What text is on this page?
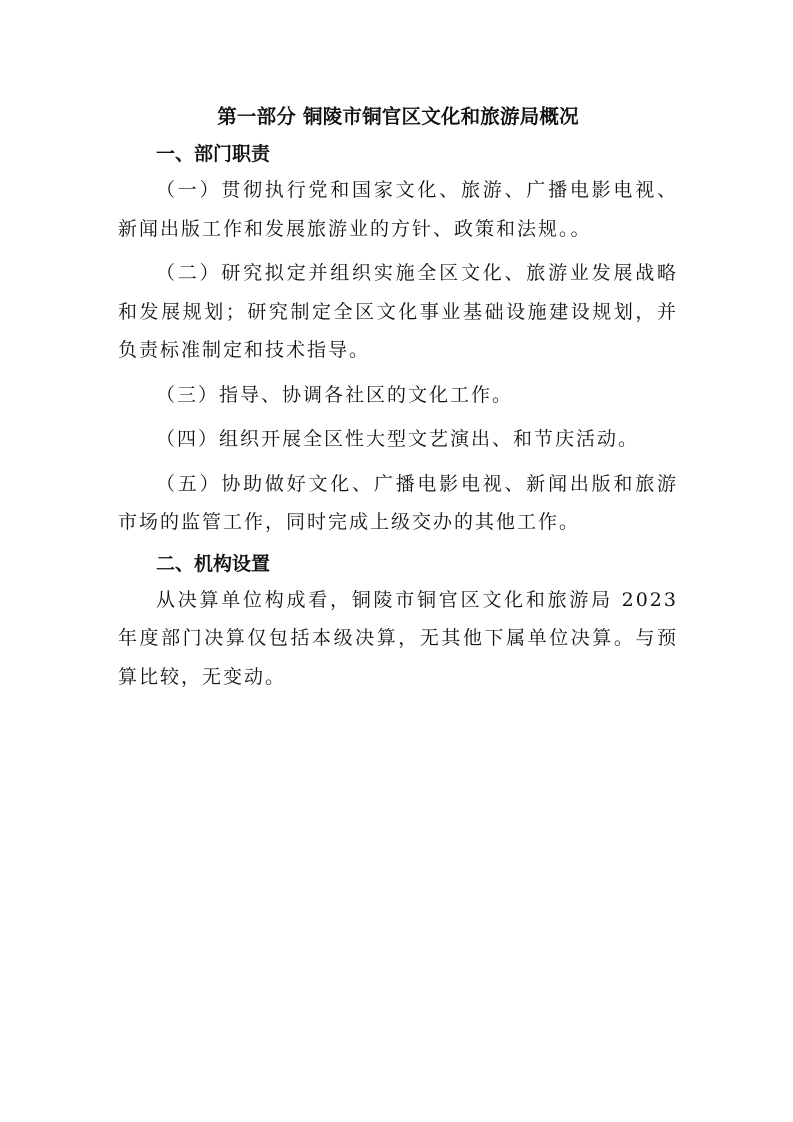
第一部分 铜陵市铜官区文化和旅游局概况
一、部门职责

（一）贯彻执行党和国家文化、旅游、广播电影电视、新闻出版工作和发展旅游业的方针、政策和法规。。

（二）研究拟定并组织实施全区文化、旅游业发展战略和发展规划；研究制定全区文化事业基础设施建设规划，并负责标准制定和技术指导。

（三）指导、协调各社区的文化工作。

（四）组织开展全区性大型文艺演出、和节庆活动。

（五）协助做好文化、广播电影电视、新闻出版和旅游市场的监管工作，同时完成上级交办的其他工作。

二、机构设置

从决算单位构成看，铜陵市铜官区文化和旅游局 2023 年度部门决算仅包括本级决算，无其他下属单位决算。与预算比较，无变动。
